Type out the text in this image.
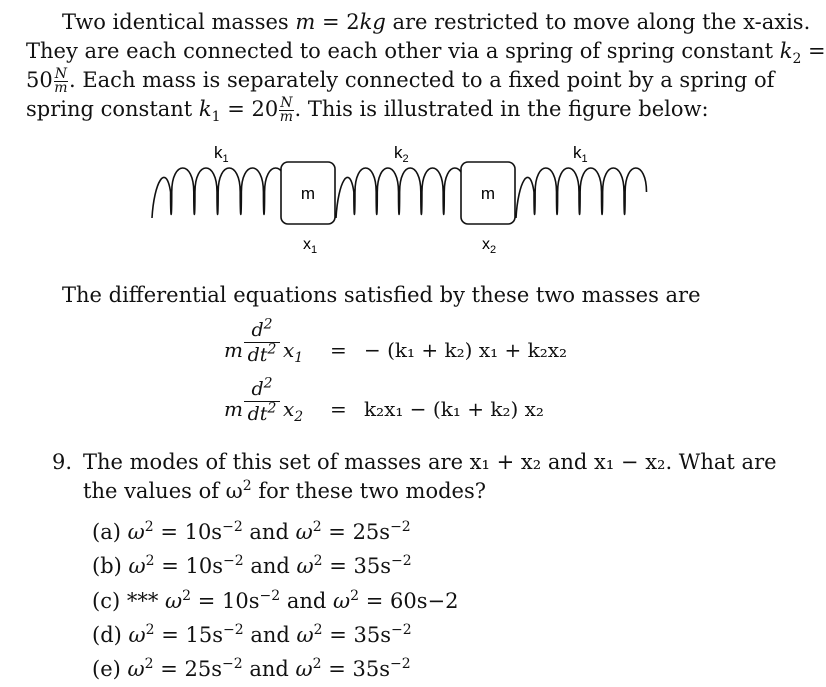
Two identical masses m = 2kg are restricted to move along the x-axis.
They are each connected to each other via a spring of spring constant $k_2$ =
$50 \frac{N}{m}$ . Each mass is separately connected to a fixed point by a spring of
spring constant $k_1 = 20 \frac{N}{m}$ . This is illustrated in the figure below:
m	m
$k_1$	$k_2$	$k_1$
$x_1$	$x_2$
The differential equations satisfied by these two masses are
m $\frac{d^2}{dt^2} x_1$ = − (k₁ + k₂) x₁ + k₂x₂
m $\frac{d^2}{dt^2} x_2 = k_2x_1 - (k_1 + k_2)$ x₂
9. The modes of this set of masses are x₁ + x₂ and x₁ − x₂. What are
the values of $\omega^2$ for these two modes?
(a) $\omega^2 = 10s^{-2}$ and $\omega^2 = 25s^{-2}$
(b) $\omega^2 = 10s^{-2}$ and $\omega^2 = 35s^{-2}$
(c) *** $\omega^2 = 10s^{-2}$ and $\omega^2 = 60s-2$
(d) $\omega^2 = 15s^{-2}$ and $\omega^2 = 35s^{-2}$
(e) $\omega^2 = 25s^{-2}$ and $\omega^2 = 35s^{-2}$
